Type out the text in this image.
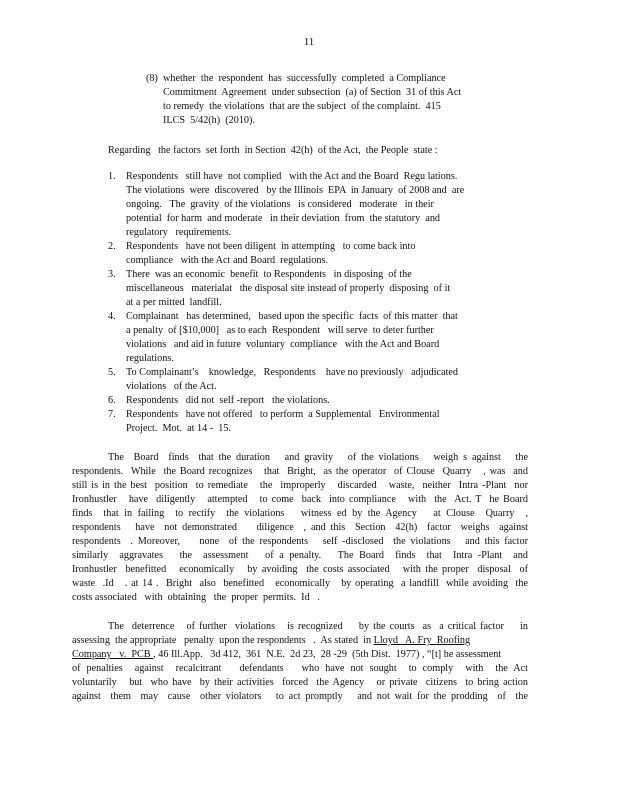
11
(8) whether  the  respondent  has  successfully  completed  a Compliance
Commitment  Agreement  under subsection  (a) of Section  31 of this Act
to remedy  the violations  that are the subject  of the complaint.  415
ILCS  5/42(h)  (2010).
Regarding   the factors  set forth  in Section  42(h)  of the Act,  the People  state :
1. Respondents   still have  not complied   with the Act and the Board  Regu lations.
The violations  were  discovered   by the Illinois  EPA  in January  of 2008 and  are
ongoing.   The  gravity  of the violations   is considered   moderate   in their
potential  for harm  and moderate   in their deviation  from  the statutory  and
regulatory   requirements.
2. Respondents   have not been diligent  in attempting   to come back into
compliance   with the Act and Board  regulations.
3. There  was an economic  benefit  to Respondents   in disposing  of the
miscellaneous   materialat   the disposal site instead of properly  disposing  of it
at a per mitted  landfill.
4. Complainant   has determined,   based upon the specific  facts  of this matter  that
a penalty  of [$10,000]   as to each  Respondent   will serve  to deter further
violations   and aid in future  voluntary  compliance   with the Act and Board
regulations.
5. To Complainant’s    knowledge,   Respondents    have no previously   adjudicated
violations   of the Act.
6. Respondents   did not  self -report   the violations.
7. Respondents   have not offered   to perform  a Supplemental   Environmental
Project.  Mot.  at 14 -  15.
The  Board  finds  that the duration   and gravity   of the violations   weigh s against   the
respondents.  While  the Board recognizes   that  Bright,  as the operator  of Clouse  Quarry   , was  and
still is in the best  position  to remediate   the  improperly   discarded   waste,  neither  Intra -Plant  nor
Ironhustler   have  diligently   attempted   to come  back  into compliance   with  the  Act. T  he Board
finds  that in failing  to rectify  the violations   witness ed by the Agency   at Clouse  Quarry  ,
respondents   have  not demonstrated    diligence  , and this  Section  42(h)  factor  weighs  against
respondents  . Moreover,    none  of the respondents   self -disclosed  the violations   and this factor
similarly  aggravates   the  assessment   of a penalty.   The Board  finds  that  Intra -Plant  and
Ironhustler  benefitted   economically   by avoiding  the costs associated   with the proper  disposal  of
waste  .Id   . at 14 .  Bright  also  benefitted   economically   by operating  a landfill  while avoiding  the
costs associated   with  obtaining   the  proper  permits.  Id   .
The  deterrence   of further  violations   is recognized    by the courts  as  a critical factor    in
assessing  the appropriate   penalty  upon the respondents   .  As stated  in Lloyd   A. Fry  Roofing
Company   v.  PCB , 46 Ill.App.   3d 412,  361  N.E.  2d 23,  28 -29  (5th Dist.  1977) , “[t] he assessment
of penalties  against  recalcitrant   defendants   who have not sought  to comply  with  the Act
voluntarily   but  who have  by their activities  forced  the Agency   or private  citizens  to bring action
against  them  may  cause  other violators   to act promptly   and not wait for the prodding  of  the
